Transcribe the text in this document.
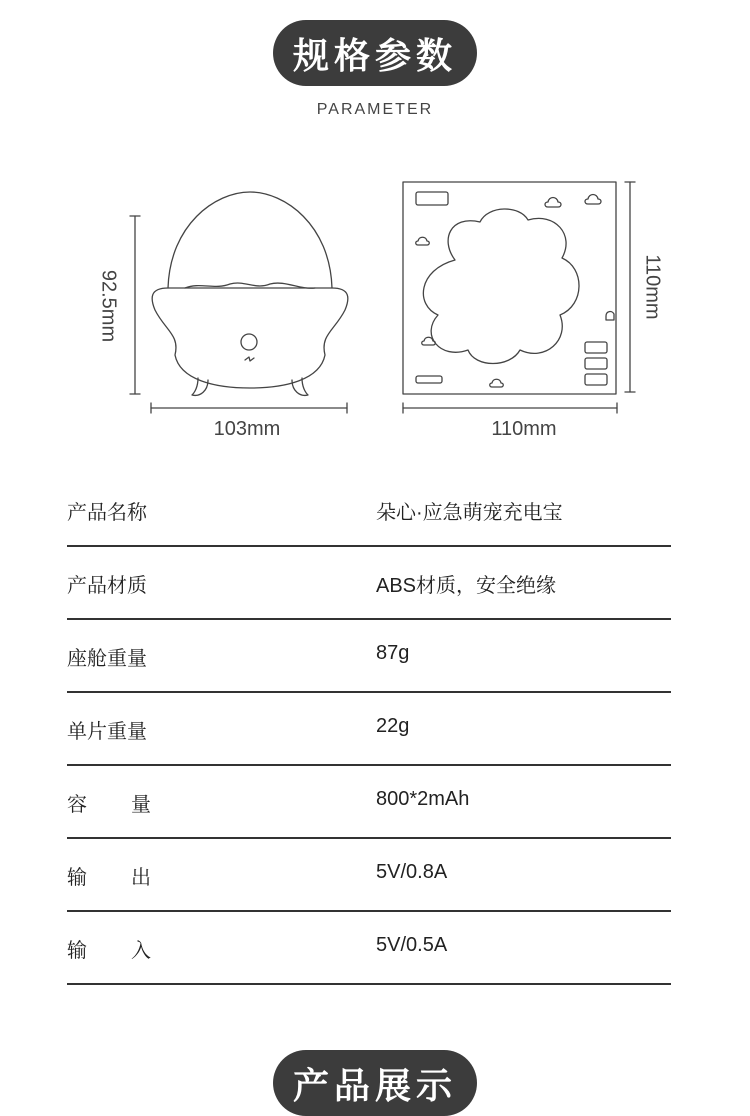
规格参数
PARAMETER
92.5mm
103mm	110mm
110mm
产品名称	朵心·应急萌宠充电宝
产品材质	ABS材质，安全绝缘
座舱重量	87g
单片重量	22g
容量	800*2mAh
输出	5V/0.8A
输入	5V/0.5A
产品展示
